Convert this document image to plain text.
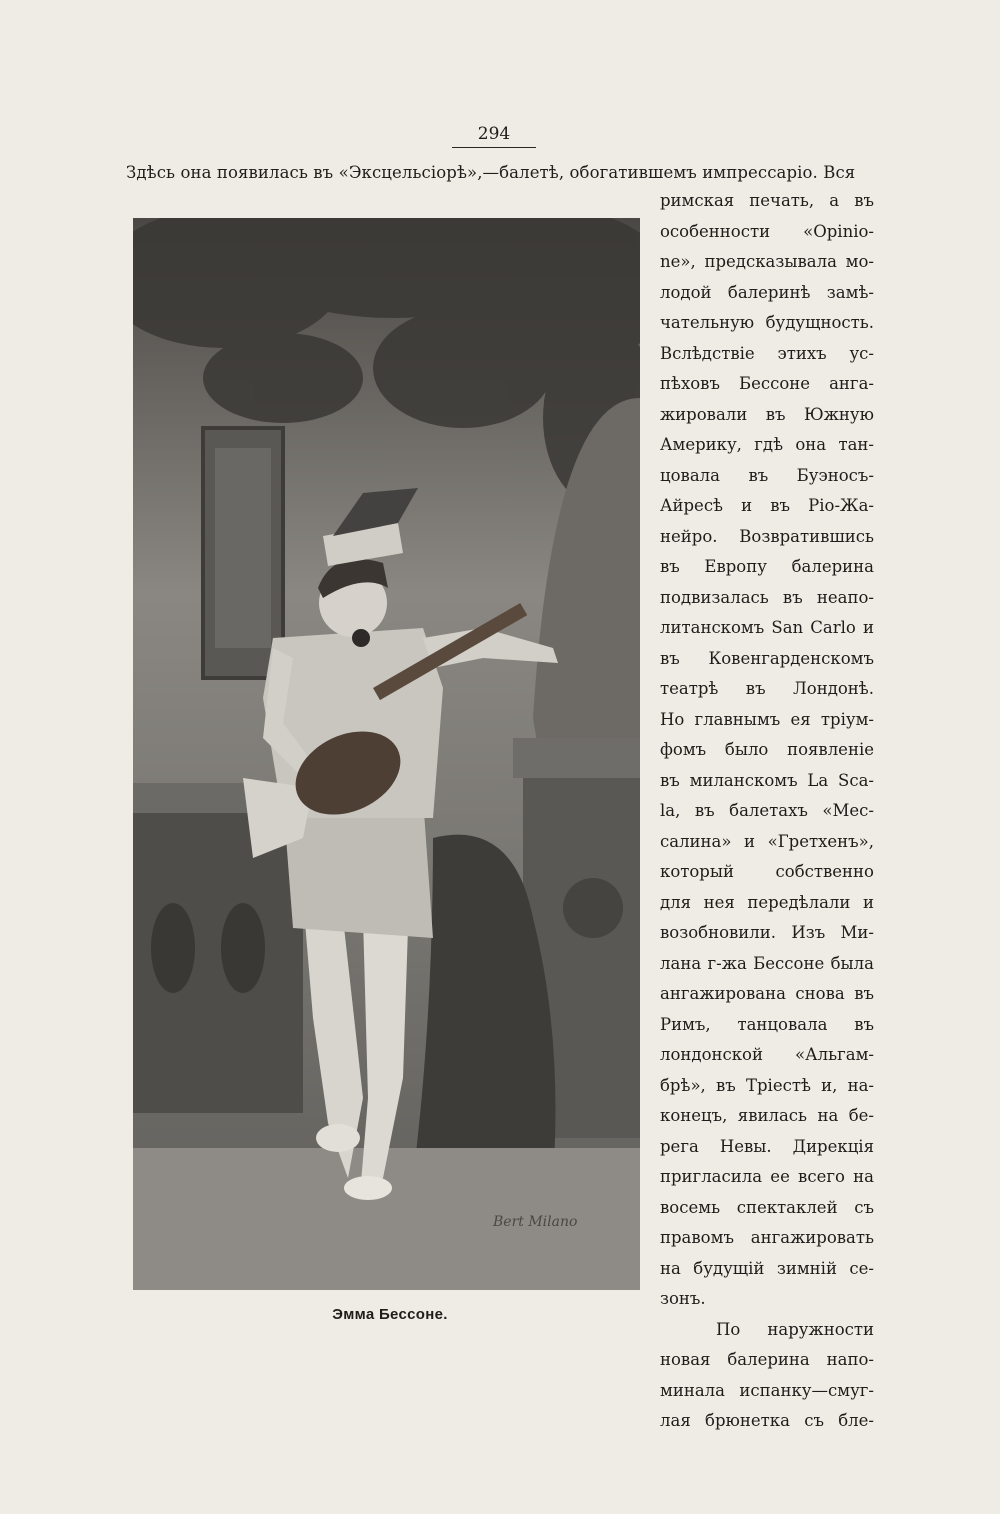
294
Здѣсь она появилась въ «Эксцельсіорѣ»,—балетѣ, обогатившемъ импрессаріо. Вся
Bert Milano
Эмма Бессоне.
римская печать, а въ
особенности «Opinio-
ne», предсказывала мо-
лодой балеринѣ замѣ-
чательную будущность.
Вслѣдствіе этихъ ус-
пѣховъ Бессоне анга-
жировали въ Южную
Америку, гдѣ она тан-
цовала въ Буэносъ-
Айресѣ и въ Ріо-Жа-
нейро. Возвратившись
въ Европу балерина
подвизалась въ неапо-
литанскомъ San Carlo и
въ Ковенгарденскомъ
театрѣ въ Лондонѣ.
Но главнымъ ея тріум-
фомъ было появленіе
въ миланскомъ La Sca-
la, въ балетахъ «Мес-
салина» и «Гретхенъ»,
который собственно
для нея передѣлали и
возобновили. Изъ Ми-
лана г-жа Бессоне была
ангажирована снова въ
Римъ, танцовала въ
лондонской «Альгам-
брѣ», въ Тріестѣ и, на-
конецъ, явилась на бе-
рега Невы. Дирекція
пригласила ее всего на
восемь спектаклей съ
правомъ ангажировать
на будущій зимній се-
зонъ.
По наружности
новая балерина напо-
минала испанку—смуг-
лая брюнетка съ бле-
